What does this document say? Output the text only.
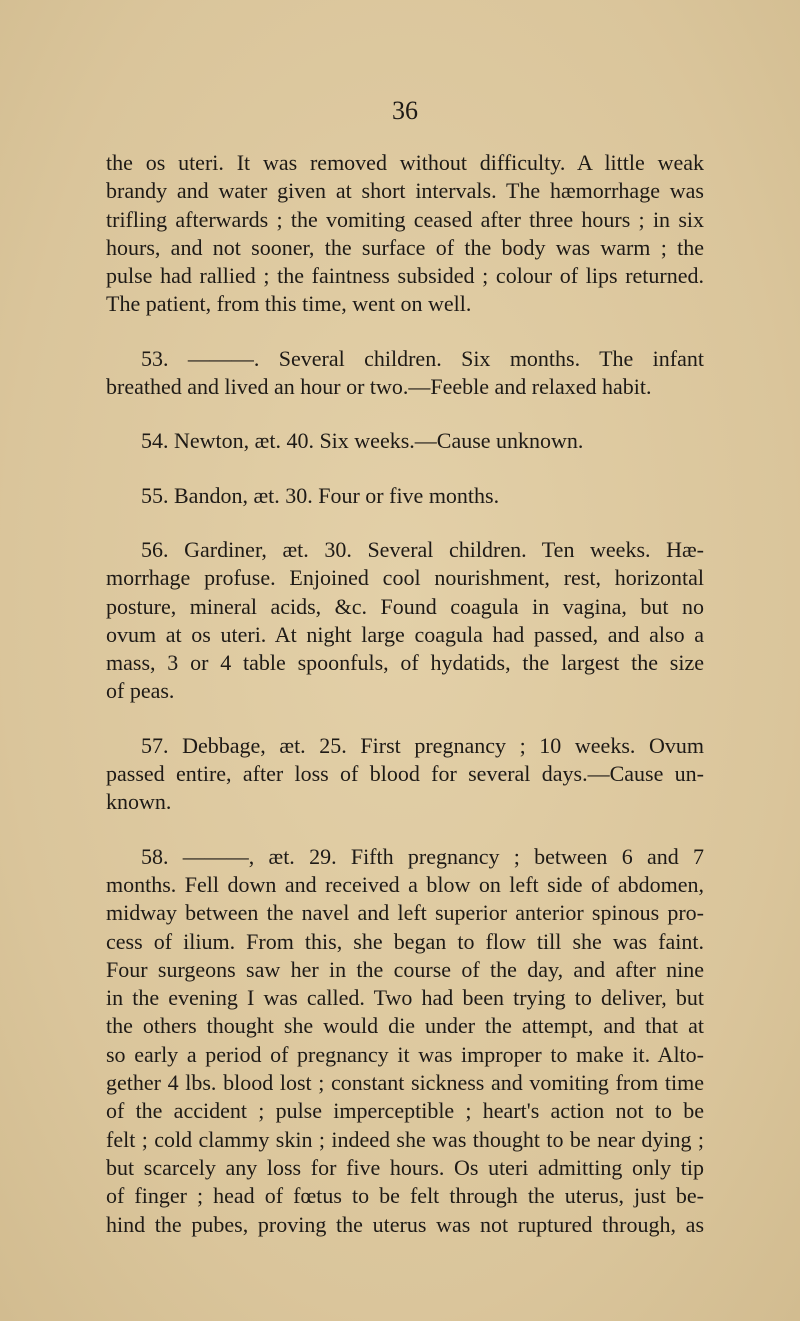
36
the os uteri. It was removed without difficulty. A little weak
brandy and water given at short intervals. The hæmorrhage was
trifling afterwards ; the vomiting ceased after three hours ; in six
hours, and not sooner, the surface of the body was warm ; the
pulse had rallied ; the faintness subsided ; colour of lips returned.
The patient, from this time, went on well.
53. ———. Several children. Six months. The infant
breathed and lived an hour or two.—Feeble and relaxed habit.
54. Newton, æt. 40. Six weeks.—Cause unknown.
55. Bandon, æt. 30. Four or five months.
56. Gardiner, æt. 30. Several children. Ten weeks. Hæ-
morrhage profuse. Enjoined cool nourishment, rest, horizontal
posture, mineral acids, &c. Found coagula in vagina, but no
ovum at os uteri. At night large coagula had passed, and also a
mass, 3 or 4 table spoonfuls, of hydatids, the largest the size
of peas.
57. Debbage, æt. 25. First pregnancy ; 10 weeks. Ovum
passed entire, after loss of blood for several days.—Cause un-
known.
58. ———, æt. 29. Fifth pregnancy ; between 6 and 7
months. Fell down and received a blow on left side of abdomen,
midway between the navel and left superior anterior spinous pro-
cess of ilium. From this, she began to flow till she was faint.
Four surgeons saw her in the course of the day, and after nine
in the evening I was called. Two had been trying to deliver, but
the others thought she would die under the attempt, and that at
so early a period of pregnancy it was improper to make it. Alto-
gether 4 lbs. blood lost ; constant sickness and vomiting from time
of the accident ; pulse imperceptible ; heart's action not to be
felt ; cold clammy skin ; indeed she was thought to be near dying ;
but scarcely any loss for five hours. Os uteri admitting only tip
of finger ; head of fœtus to be felt through the uterus, just be-
hind the pubes, proving the uterus was not ruptured through, as
